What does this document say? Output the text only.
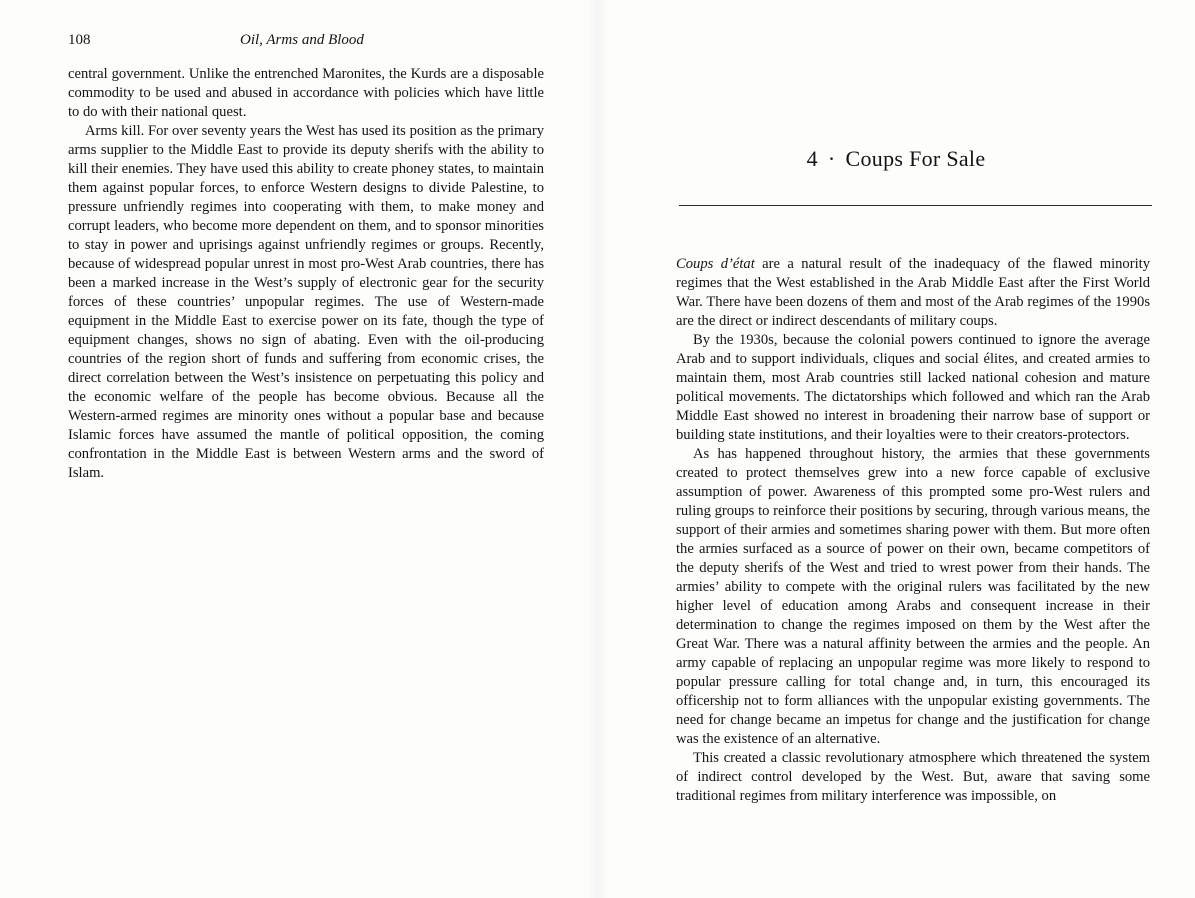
108	Oil, Arms and Blood

central government. Unlike the entrenched Maronites, the Kurds are a disposable commodity to be used and abused in accordance with policies which have little to do with their national quest.

Arms kill. For over seventy years the West has used its position as the primary arms supplier to the Middle East to provide its deputy sherifs with the ability to kill their enemies. They have used this ability to create phoney states, to maintain them against popular forces, to enforce Western designs to divide Palestine, to pressure unfriendly regimes into cooperating with them, to make money and corrupt leaders, who become more dependent on them, and to sponsor minorities to stay in power and uprisings against unfriendly regimes or groups. Recently, because of widespread popular unrest in most pro-West Arab countries, there has been a marked increase in the West’s supply of electronic gear for the security forces of these countries’ unpopular regimes. The use of Western-made equipment in the Middle East to exercise power on its fate, though the type of equipment changes, shows no sign of abating. Even with the oil-producing countries of the region short of funds and suffering from economic crises, the direct correlation between the West’s insistence on perpetuating this policy and the economic welfare of the people has become obvious. Because all the Western-armed regimes are minority ones without a popular base and because Islamic forces have assumed the mantle of political opposition, the coming confrontation in the Middle East is between Western arms and the sword of Islam.

4 · Coups For Sale

Coups d’état are a natural result of the inadequacy of the flawed minority regimes that the West established in the Arab Middle East after the First World War. There have been dozens of them and most of the Arab regimes of the 1990s are the direct or indirect descendants of military coups.

By the 1930s, because the colonial powers continued to ignore the average Arab and to support individuals, cliques and social élites, and created armies to maintain them, most Arab countries still lacked national cohesion and mature political movements. The dictatorships which followed and which ran the Arab Middle East showed no interest in broadening their narrow base of support or building state institutions, and their loyalties were to their creators-protectors.

As has happened throughout history, the armies that these governments created to protect themselves grew into a new force capable of exclusive assumption of power. Awareness of this prompted some pro-West rulers and ruling groups to reinforce their positions by securing, through various means, the support of their armies and sometimes sharing power with them. But more often the armies surfaced as a source of power on their own, became competitors of the deputy sherifs of the West and tried to wrest power from their hands. The armies’ ability to compete with the original rulers was facilitated by the new higher level of education among Arabs and consequent increase in their determination to change the regimes imposed on them by the West after the Great War. There was a natural affinity between the armies and the people. An army capable of replacing an unpopular regime was more likely to respond to popular pressure calling for total change and, in turn, this encouraged its officership not to form alliances with the unpopular existing governments. The need for change became an impetus for change and the justification for change was the existence of an alternative.

This created a classic revolutionary atmosphere which threatened the system of indirect control developed by the West. But, aware that saving some traditional regimes from military interference was impossible, on
